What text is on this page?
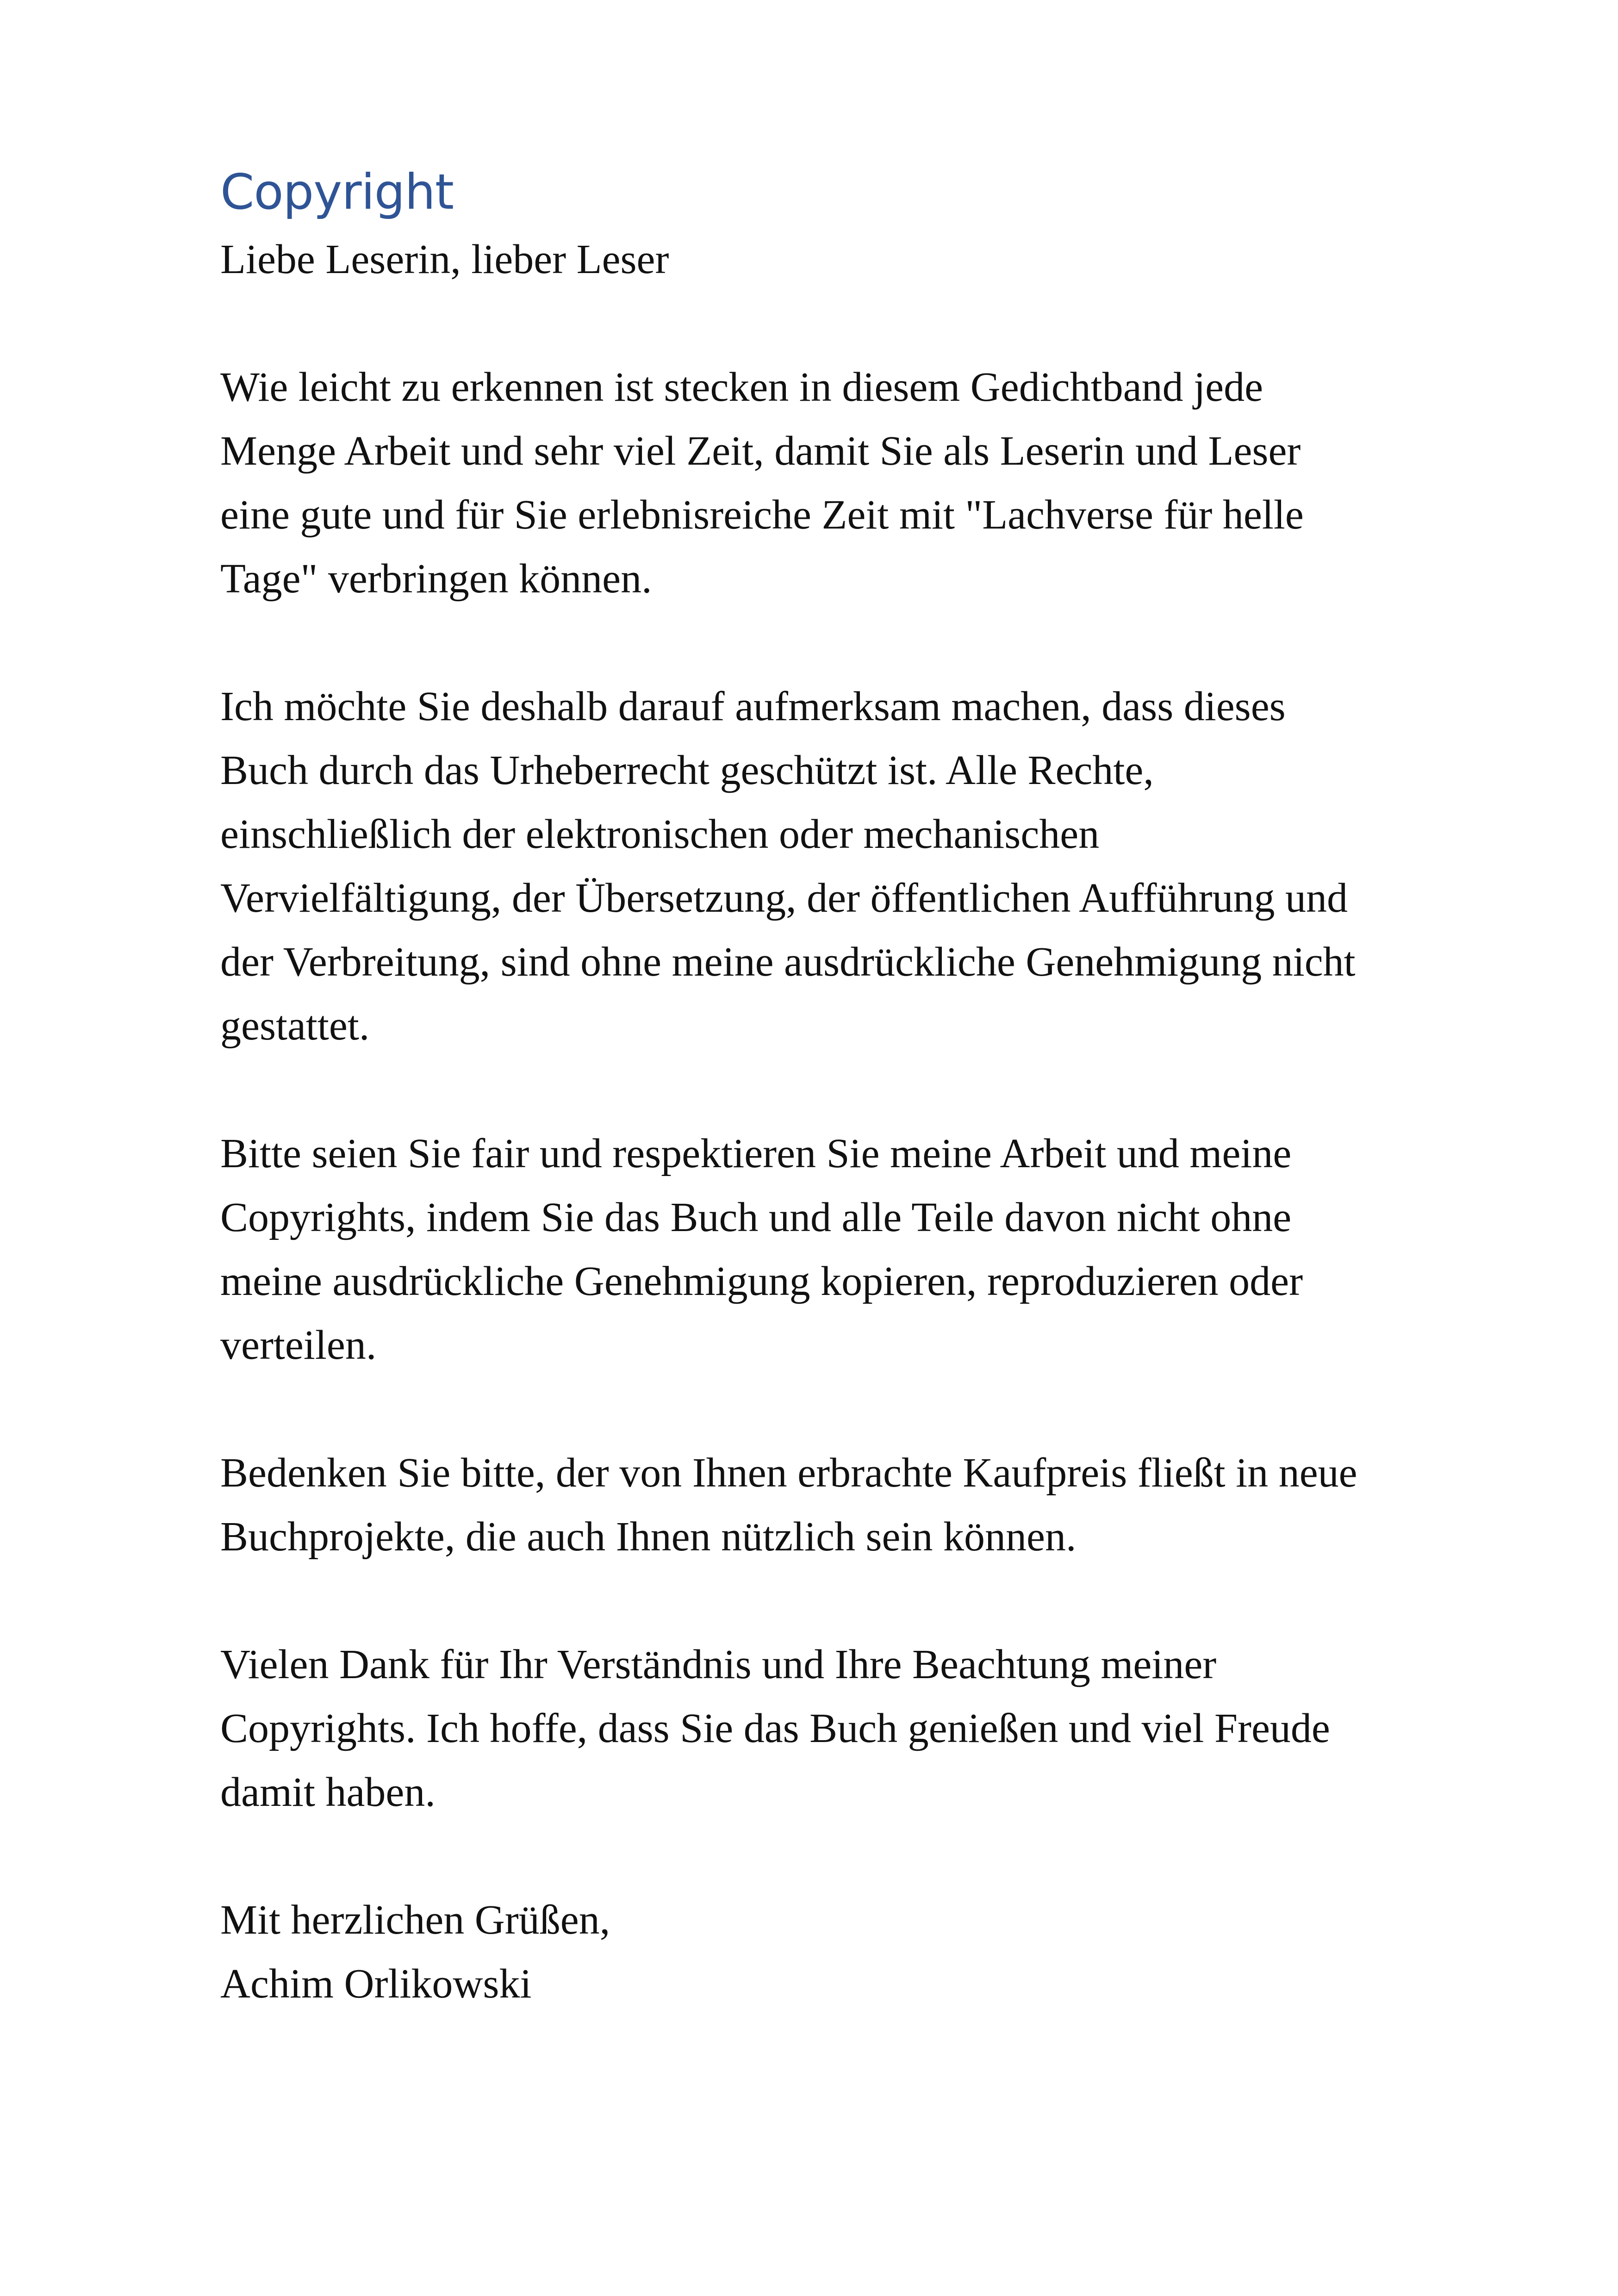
Copyright

Liebe Leserin, lieber Leser

Wie leicht zu erkennen ist stecken in diesem Gedichtband jede
Menge Arbeit und sehr viel Zeit, damit Sie als Leserin und Leser
eine gute und für Sie erlebnisreiche Zeit mit "Lachverse für helle
Tage" verbringen können.

Ich möchte Sie deshalb darauf aufmerksam machen, dass dieses
Buch durch das Urheberrecht geschützt ist. Alle Rechte,
einschließlich der elektronischen oder mechanischen
Vervielfältigung, der Übersetzung, der öffentlichen Aufführung und
der Verbreitung, sind ohne meine ausdrückliche Genehmigung nicht
gestattet.

Bitte seien Sie fair und respektieren Sie meine Arbeit und meine
Copyrights, indem Sie das Buch und alle Teile davon nicht ohne
meine ausdrückliche Genehmigung kopieren, reproduzieren oder
verteilen.

Bedenken Sie bitte, der von Ihnen erbrachte Kaufpreis fließt in neue
Buchprojekte, die auch Ihnen nützlich sein können.

Vielen Dank für Ihr Verständnis und Ihre Beachtung meiner
Copyrights. Ich hoffe, dass Sie das Buch genießen und viel Freude
damit haben.

Mit herzlichen Grüßen,

Achim Orlikowski
